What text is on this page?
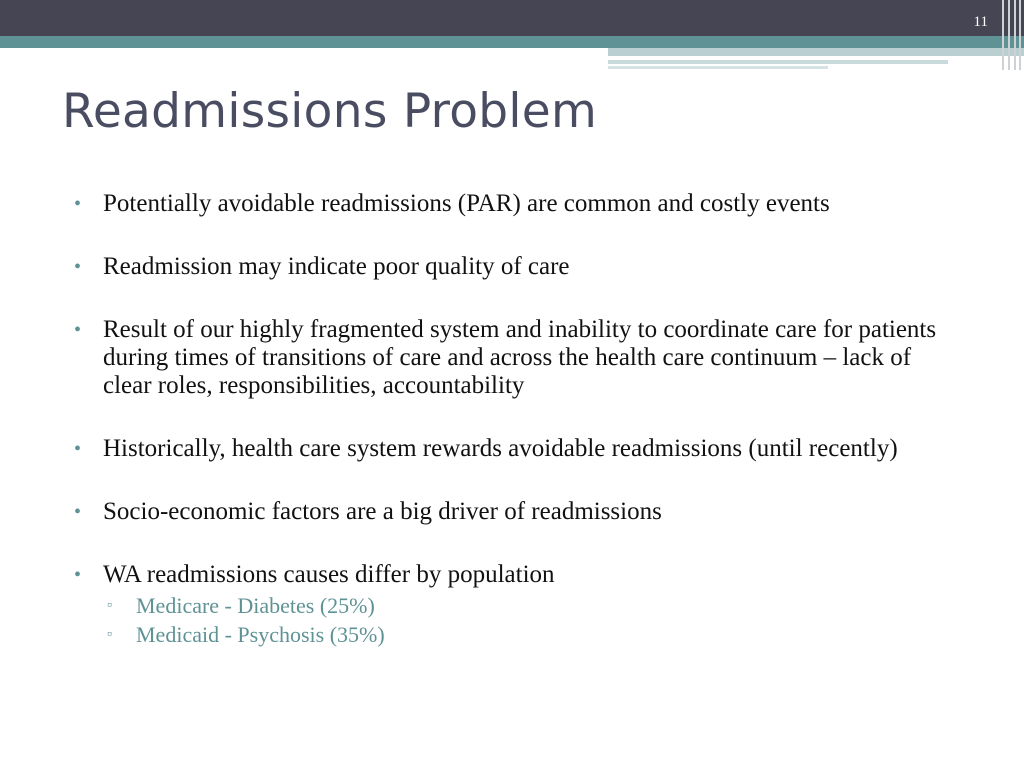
11
Readmissions Problem
• Potentially avoidable readmissions (PAR) are common and costly events
• Readmission may indicate poor quality of care
• Result of our highly fragmented system and inability to coordinate care for patients during times of transitions of care and across the health care continuum – lack of clear roles, responsibilities, accountability
• Historically, health care system rewards avoidable readmissions (until recently)
• Socio-economic factors are a big driver of readmissions
• WA readmissions causes differ by population
▫ Medicare - Diabetes (25%)
▫ Medicaid - Psychosis (35%)
